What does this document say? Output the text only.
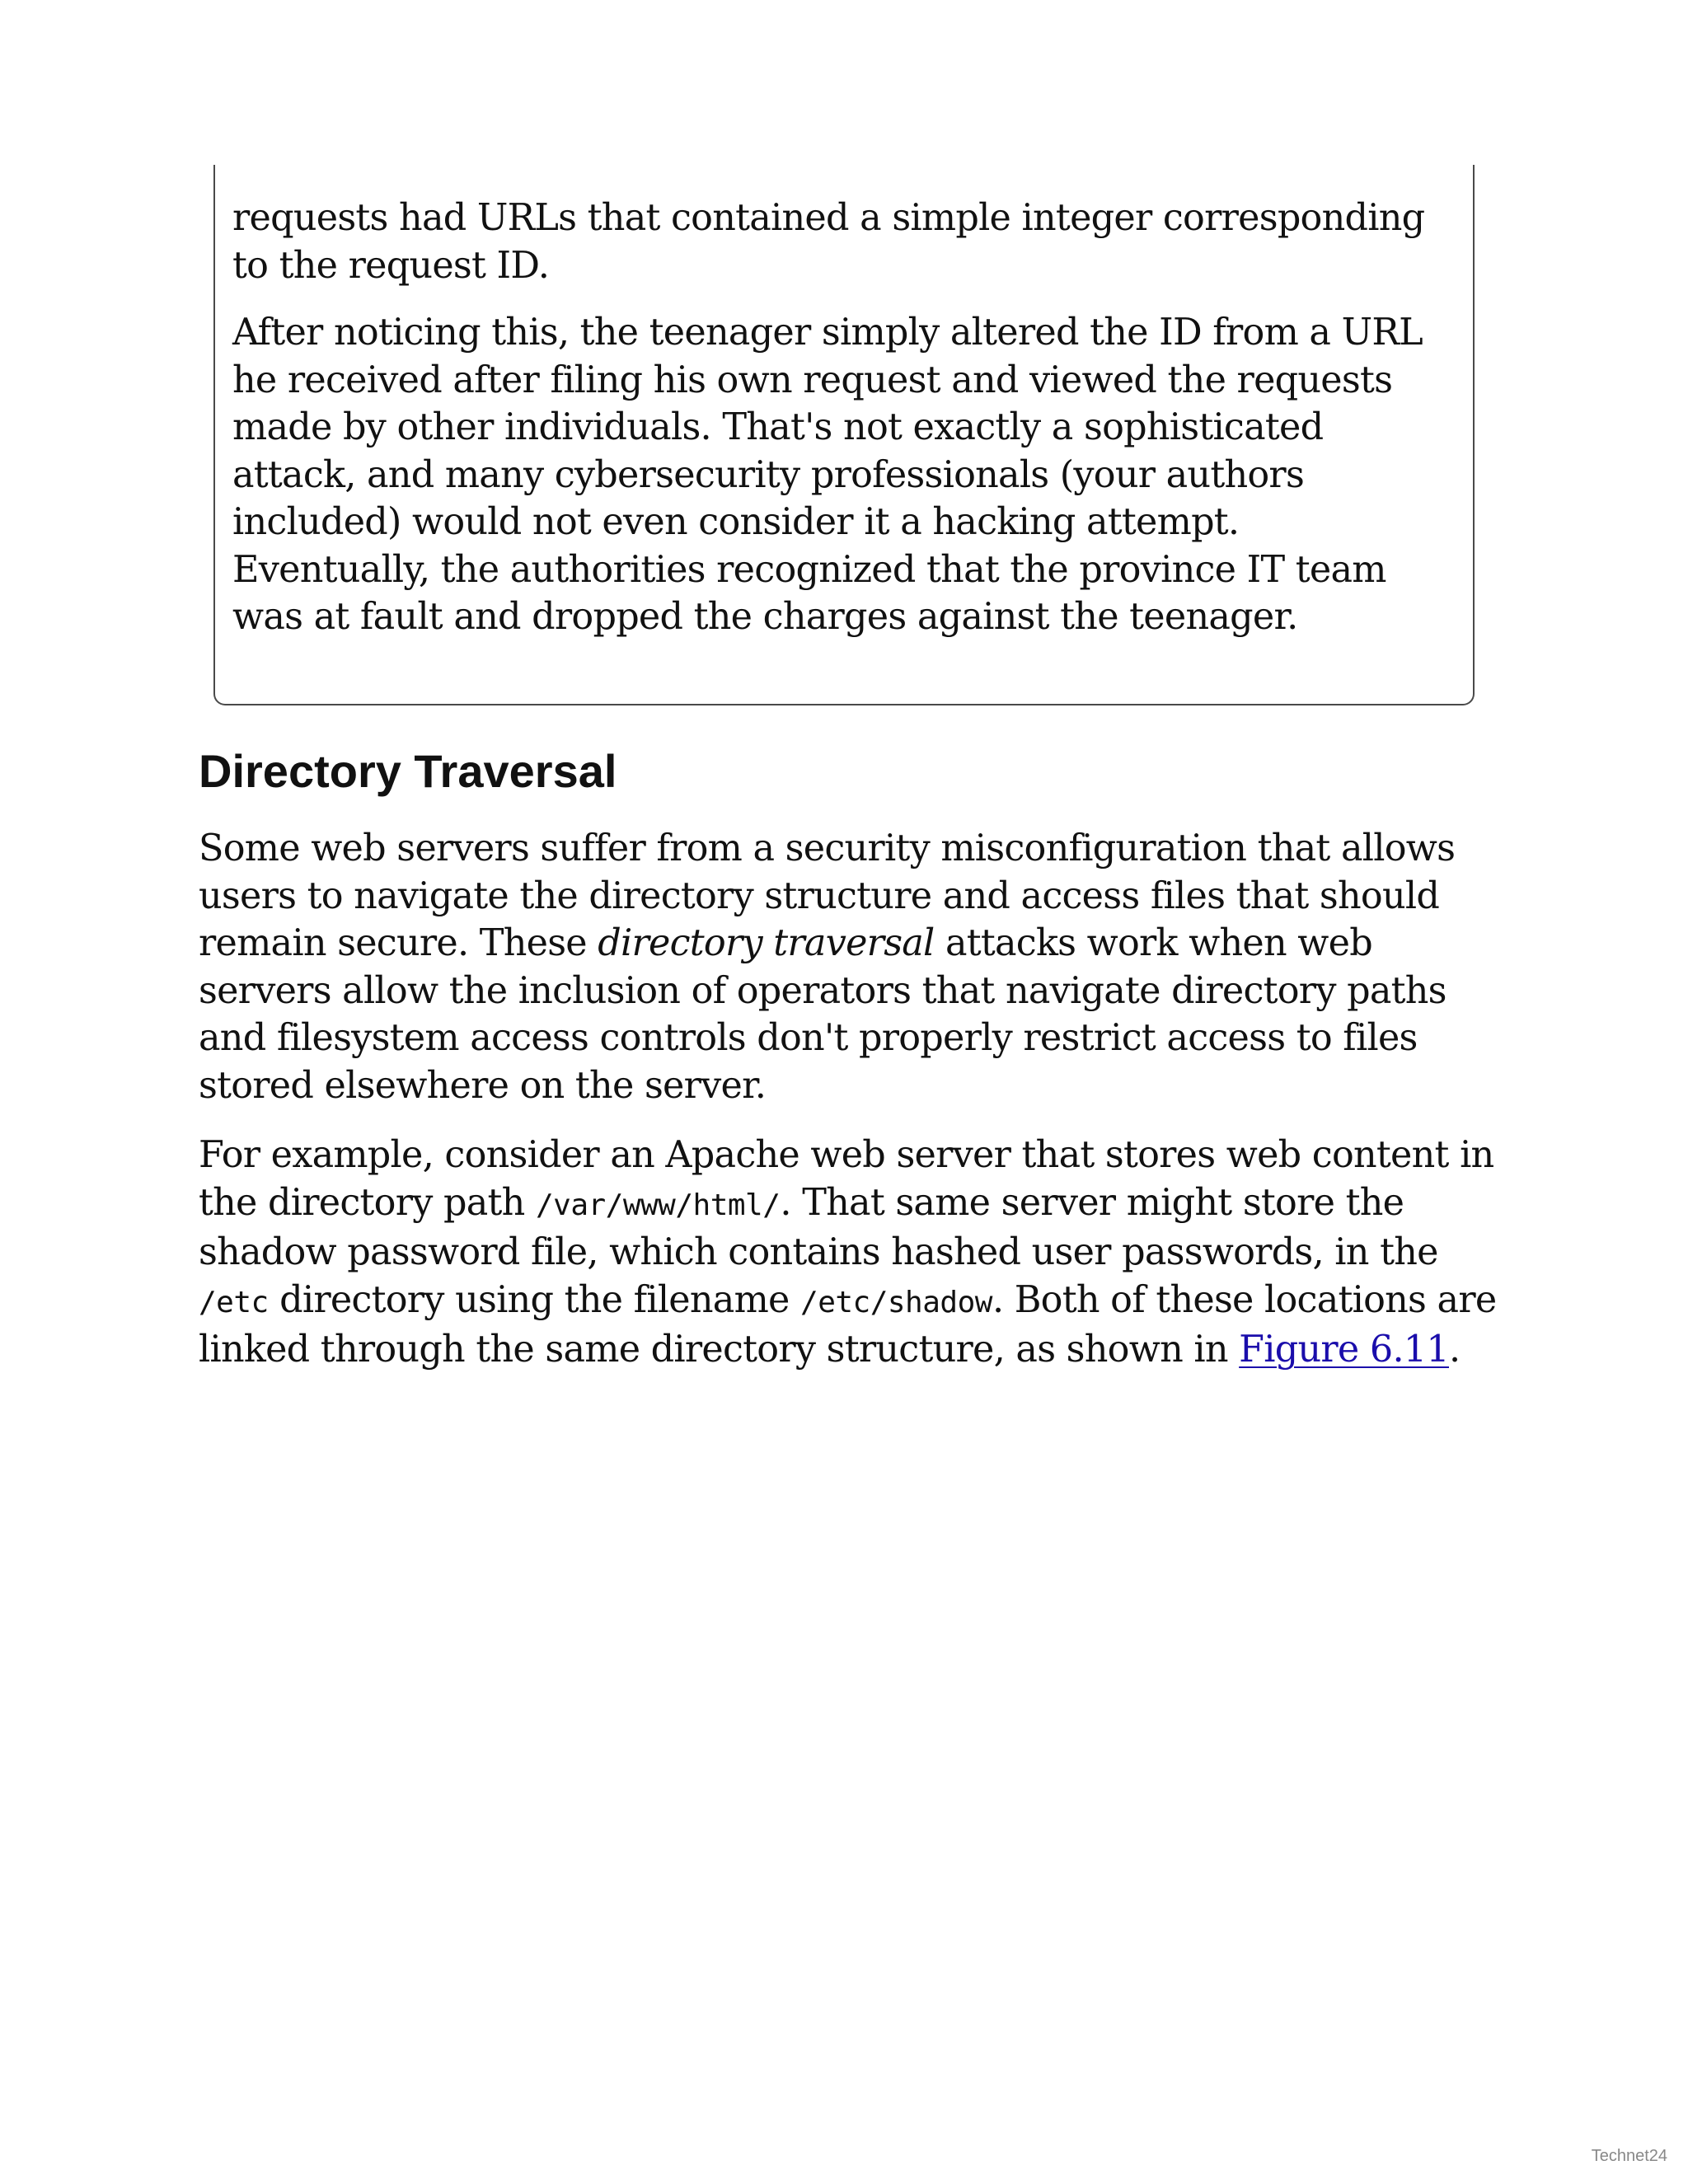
requests had URLs that contained a simple integer corresponding to the request ID.

After noticing this, the teenager simply altered the ID from a URL
he received after filing his own request and viewed the requests
made by other individuals. That's not exactly a sophisticated
attack, and many cybersecurity professionals (your authors
included) would not even consider it a hacking attempt.
Eventually, the authorities recognized that the province IT team
was at fault and dropped the charges against the teenager.

Directory Traversal

Some web servers suffer from a security misconfiguration that allows users to navigate the directory structure and access files that should remain secure. These directory traversal attacks work when web servers allow the inclusion of operators that navigate directory paths and filesystem access controls don't properly restrict access to files stored elsewhere on the server.

For example, consider an Apache web server that stores web content in the directory path /var/www/html/. That same server might store the shadow password file, which contains hashed user passwords, in the /etc directory using the filename /etc/shadow. Both of these locations are linked through the same directory structure, as shown in Figure 6.11.

Technet24
